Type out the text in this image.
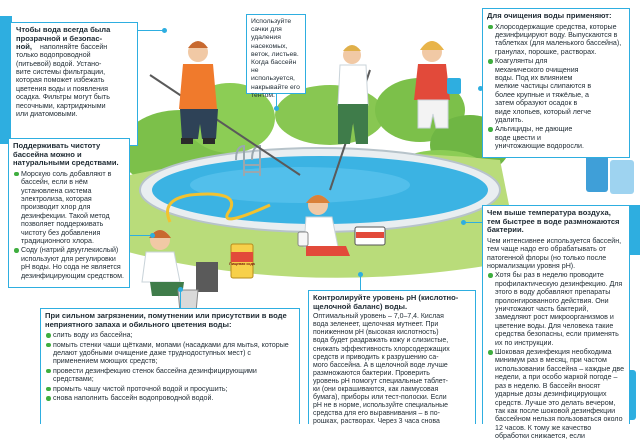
Пищевая сода
Чтобы вода всегда была
прозрачной и безопас-
ной,	наполняйте бассейн
только водопроводной
(питьевой) водой. Устано-
вите системы фильтрации,
которая поможет избежать
цветения воды и появления
осадка. Фильтры могут быть
песочными, картриджными
или диатомовыми.
Поддерживать чистоту бассейна можно и натуральными средствами.
Морскую соль добавляют в бассейн, если в нём установлена система электролиза, которая производит хлор для дезинфекции. Такой метод позволяет поддерживать чистоту без добавления традиционного хлора.
Соду (натрий двууглекислый) используют для регулировки pH воды. Но сода не является дезинфицирующим средством.
Используйте сачки для удаления насекомых, веток, листьев. Когда бассейн не используется, накрывайте его тентом.
Для очищения воды применяют:
Хлорсодержащие средства, которые дезинфицируют воду. Выпускаются в таблетках (для маленького бассейна), гранулах, порошке, растворах.
Коагулянты для механического очищения воды. Под их влиянием мелкие частицы слипаются в более крупные и тяжёлые, а затем образуют осадок в виде хлопьев, который легче удалить.
Альгициды, не дающие воде цвести и уничтожающие водоросли.
Чем выше температура воздуха, тем быстрее в воде размножаются бактерии.
Чем интенсивнее используется бассейн, тем чаще надо его обрабатывать от патогенной флоры (но только после нормализации уровня pH).
Хотя бы раз в неделю проводите профилактическую дезинфекцию. Для этого в воду добавляют препараты пролонгированного действия. Они уничтожают часть бактерий, замедляют рост микроорганизмов и цветение воды. Для человека такие средства безопасны, если применять их по инструкции.
Шоковая дезинфекция необходима минимум раз в месяц, при частом использовании бассейна – каждые две недели, а при особо жаркой погоде – раз в неделю. В бассейн вносят ударные дозы дезинфицирующих средств. Лучше это делать вечером, так как после шоковой дезинфекции бассейном нельзя пользоваться около 12 часов. К тому же качество обработки снижается, если
При сильном загрязнении, помутнении или присутствии в воде неприятного запаха и обильного цветения воды:
слить воду из бассейна;
помыть стенки чаши щётками, мопами (насадками для мытья, которые делают удобными очищение даже труднодоступных мест) с применением моющих средств;
провести дезинфекцию стенок бассейна дезинфицирующими средствами;
промыть чашу чистой проточной водой и просушить;
снова наполнить бассейн водопроводной водой.
Контролируйте уровень pH (кислотно-щелочной баланс) воды.
Оптимальный уровень – 7,0–7,4. Кислая
вода зеленеет, щелочная мутнеет. При
пониженном pH (высокая кислотность)
вода будет раздражать кожу и слизистые,
снижать эффективность хлорсодержащих
средств и приводить к разрушению са-
мого бассейна. А в щелочной воде лучше
размножаются бактерии. Проверить
уровень pH помогут специальные таблет-
ки (они окрашиваются, как лакмусовая
бумага), приборы или тест-полоски. Если
pH не в норме, используйте специальные
средства для его выравнивания – в по-
рошках, растворах. Через 3 часа снова
